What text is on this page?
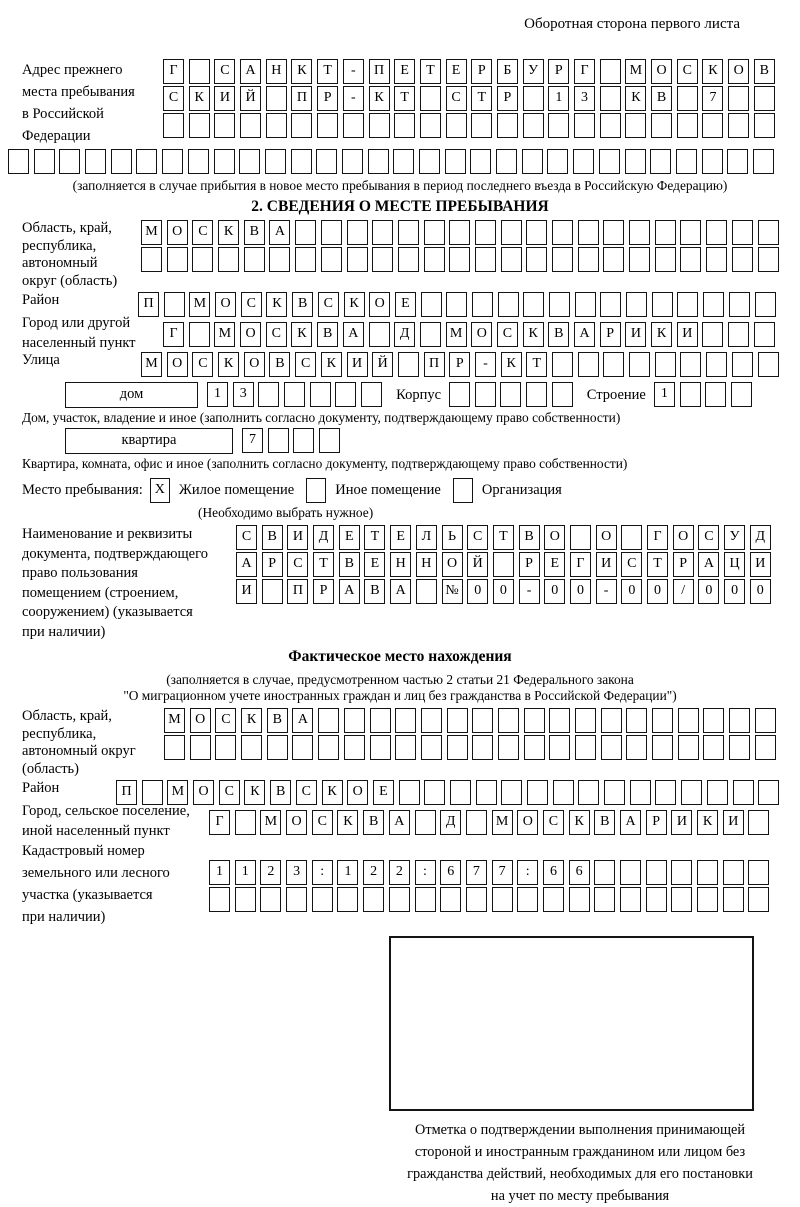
Оборотная сторона первого листа
Адрес прежнего
места пребывания
в Российской
Федерации
Г	С	А	Н	К	Т	-	П	Е	Т	Е	Р	Б	У	Р	Г	М	О	С	К	О	В
С	К	И	Й	П	Р	-	К	Т	С	Т	Р	1	3	К	В	7
(заполняется в случае прибытия в новое место пребывания в период последнего въезда в Российскую Федерацию)
2. СВЕДЕНИЯ О МЕСТЕ ПРЕБЫВАНИЯ
Область, край,
республика,
автономный
округ (область)
М	О	С	К	В	А
Район	П	М	О	С	К	В	С	К	О	Е
Город или другой
населенный пункт
Г	М	О	С	К	В	А	Д	М	О	С	К	В	А	Р	И	К	И
Улица	М	О	С	К	О	В	С	К	И	Й	П	Р	-	К	Т
дом	1	3	Корпус	Строение	1
Дом, участок, владение и иное (заполнить согласно документу, подтверждающему право собственности)
квартира	7
Квартира, комната, офис и иное (заполнить согласно документу, подтверждающему право собственности)
Место пребывания: X Жилое помещение	Иное помещение	Организация
(Необходимо выбрать нужное)
Наименование и реквизиты
документа, подтверждающего
право пользования
помещением (строением,
сооружением) (указывается
при наличии)
С	В	И	Д	Е	Т	Е	Л	Ь	С	Т	В	О	О	Г	О	С	У	Д
А	Р	С	Т	В	Е	Н	Н	О	Й	Р	Е	Г	И	С	Т	Р	А	Ц	И
И	П	Р	А	В	А	№	0	0	-	0	0	-	0	0	/	0	0	0
Фактическое место нахождения
(заполняется в случае, предусмотренном частью 2 статьи 21 Федерального закона
"О миграционном учете иностранных граждан и лиц без гражданства в Российской Федерации")
Область, край,
республика,
автономный округ
(область)
М	О	С	К	В	А
Район	П	М	О	С	К	В	С	К	О	Е
Город, сельское поселение,
иной населенный пункт
Г	М	О	С	К	В	А	Д	М	О	С	К	В	А	Р	И	К	И
Кадастровый номер
земельного или лесного
участка (указывается
при наличии)
1	1	2	3	:	1	2	2	:	6	7	7	:	6	6
Отметка о подтверждении выполнения принимающей
стороной и иностранным гражданином или лицом без
гражданства действий, необходимых для его постановки
на учет по месту пребывания
